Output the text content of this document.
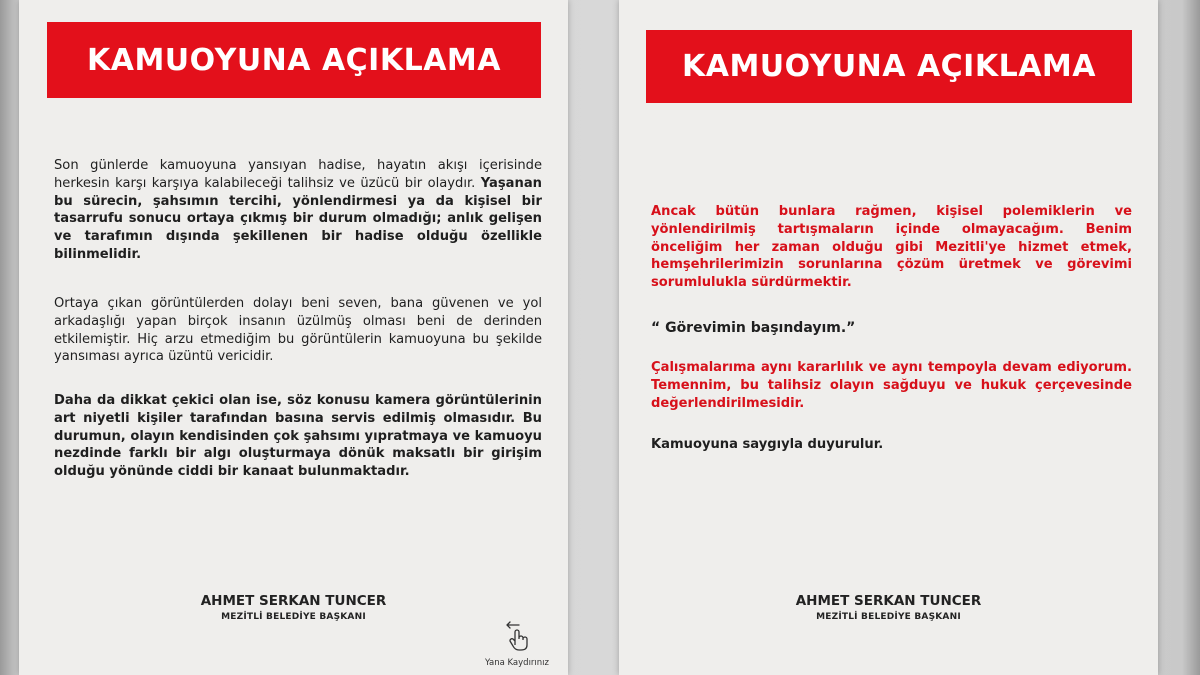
KAMUOYUNA AÇIKLAMA
Son günlerde kamuoyuna yansıyan hadise, hayatın akışı içerisinde herkesin karşı karşıya kalabileceği talihsiz ve üzücü bir olaydır. Yaşanan bu sürecin, şahsımın tercihi, yönlendirmesi ya da kişisel bir tasarrufu sonucu ortaya çıkmış bir durum olmadığı; anlık gelişen ve tarafımın dışında şekillenen bir hadise olduğu özellikle bilinmelidir.
Ortaya çıkan görüntülerden dolayı beni seven, bana güvenen ve yol arkadaşlığı yapan birçok insanın üzülmüş olması beni de derinden etkilemiştir. Hiç arzu etmediğim bu görüntülerin kamuoyuna bu şekilde yansıması ayrıca üzüntü vericidir.
Daha da dikkat çekici olan ise, söz konusu kamera görüntülerinin art niyetli kişiler tarafından basına servis edilmiş olmasıdır. Bu durumun, olayın kendisinden çok şahsımı yıpratmaya ve kamuoyu nezdinde farklı bir algı oluşturmaya dönük maksatlı bir girişim olduğu yönünde ciddi bir kanaat bulunmaktadır.
AHMET SERKAN TUNCER
MEZİTLİ BELEDİYE BAŞKANI
Yana Kaydırınız
KAMUOYUNA AÇIKLAMA
Ancak bütün bunlara rağmen, kişisel polemiklerin ve yönlendirilmiş tartışmaların içinde olmayacağım. Benim önceliğim her zaman olduğu gibi Mezitli'ye hizmet etmek, hemşehrilerimizin sorunlarına çözüm üretmek ve görevimi sorumlulukla sürdürmektir.
“ Görevimin başındayım.”
Çalışmalarıma aynı kararlılık ve aynı tempoyla devam ediyorum. Temennim, bu talihsiz olayın sağduyu ve hukuk çerçevesinde değerlendirilmesidir.
Kamuoyuna saygıyla duyurulur.
AHMET SERKAN TUNCER
MEZİTLİ BELEDİYE BAŞKANI
